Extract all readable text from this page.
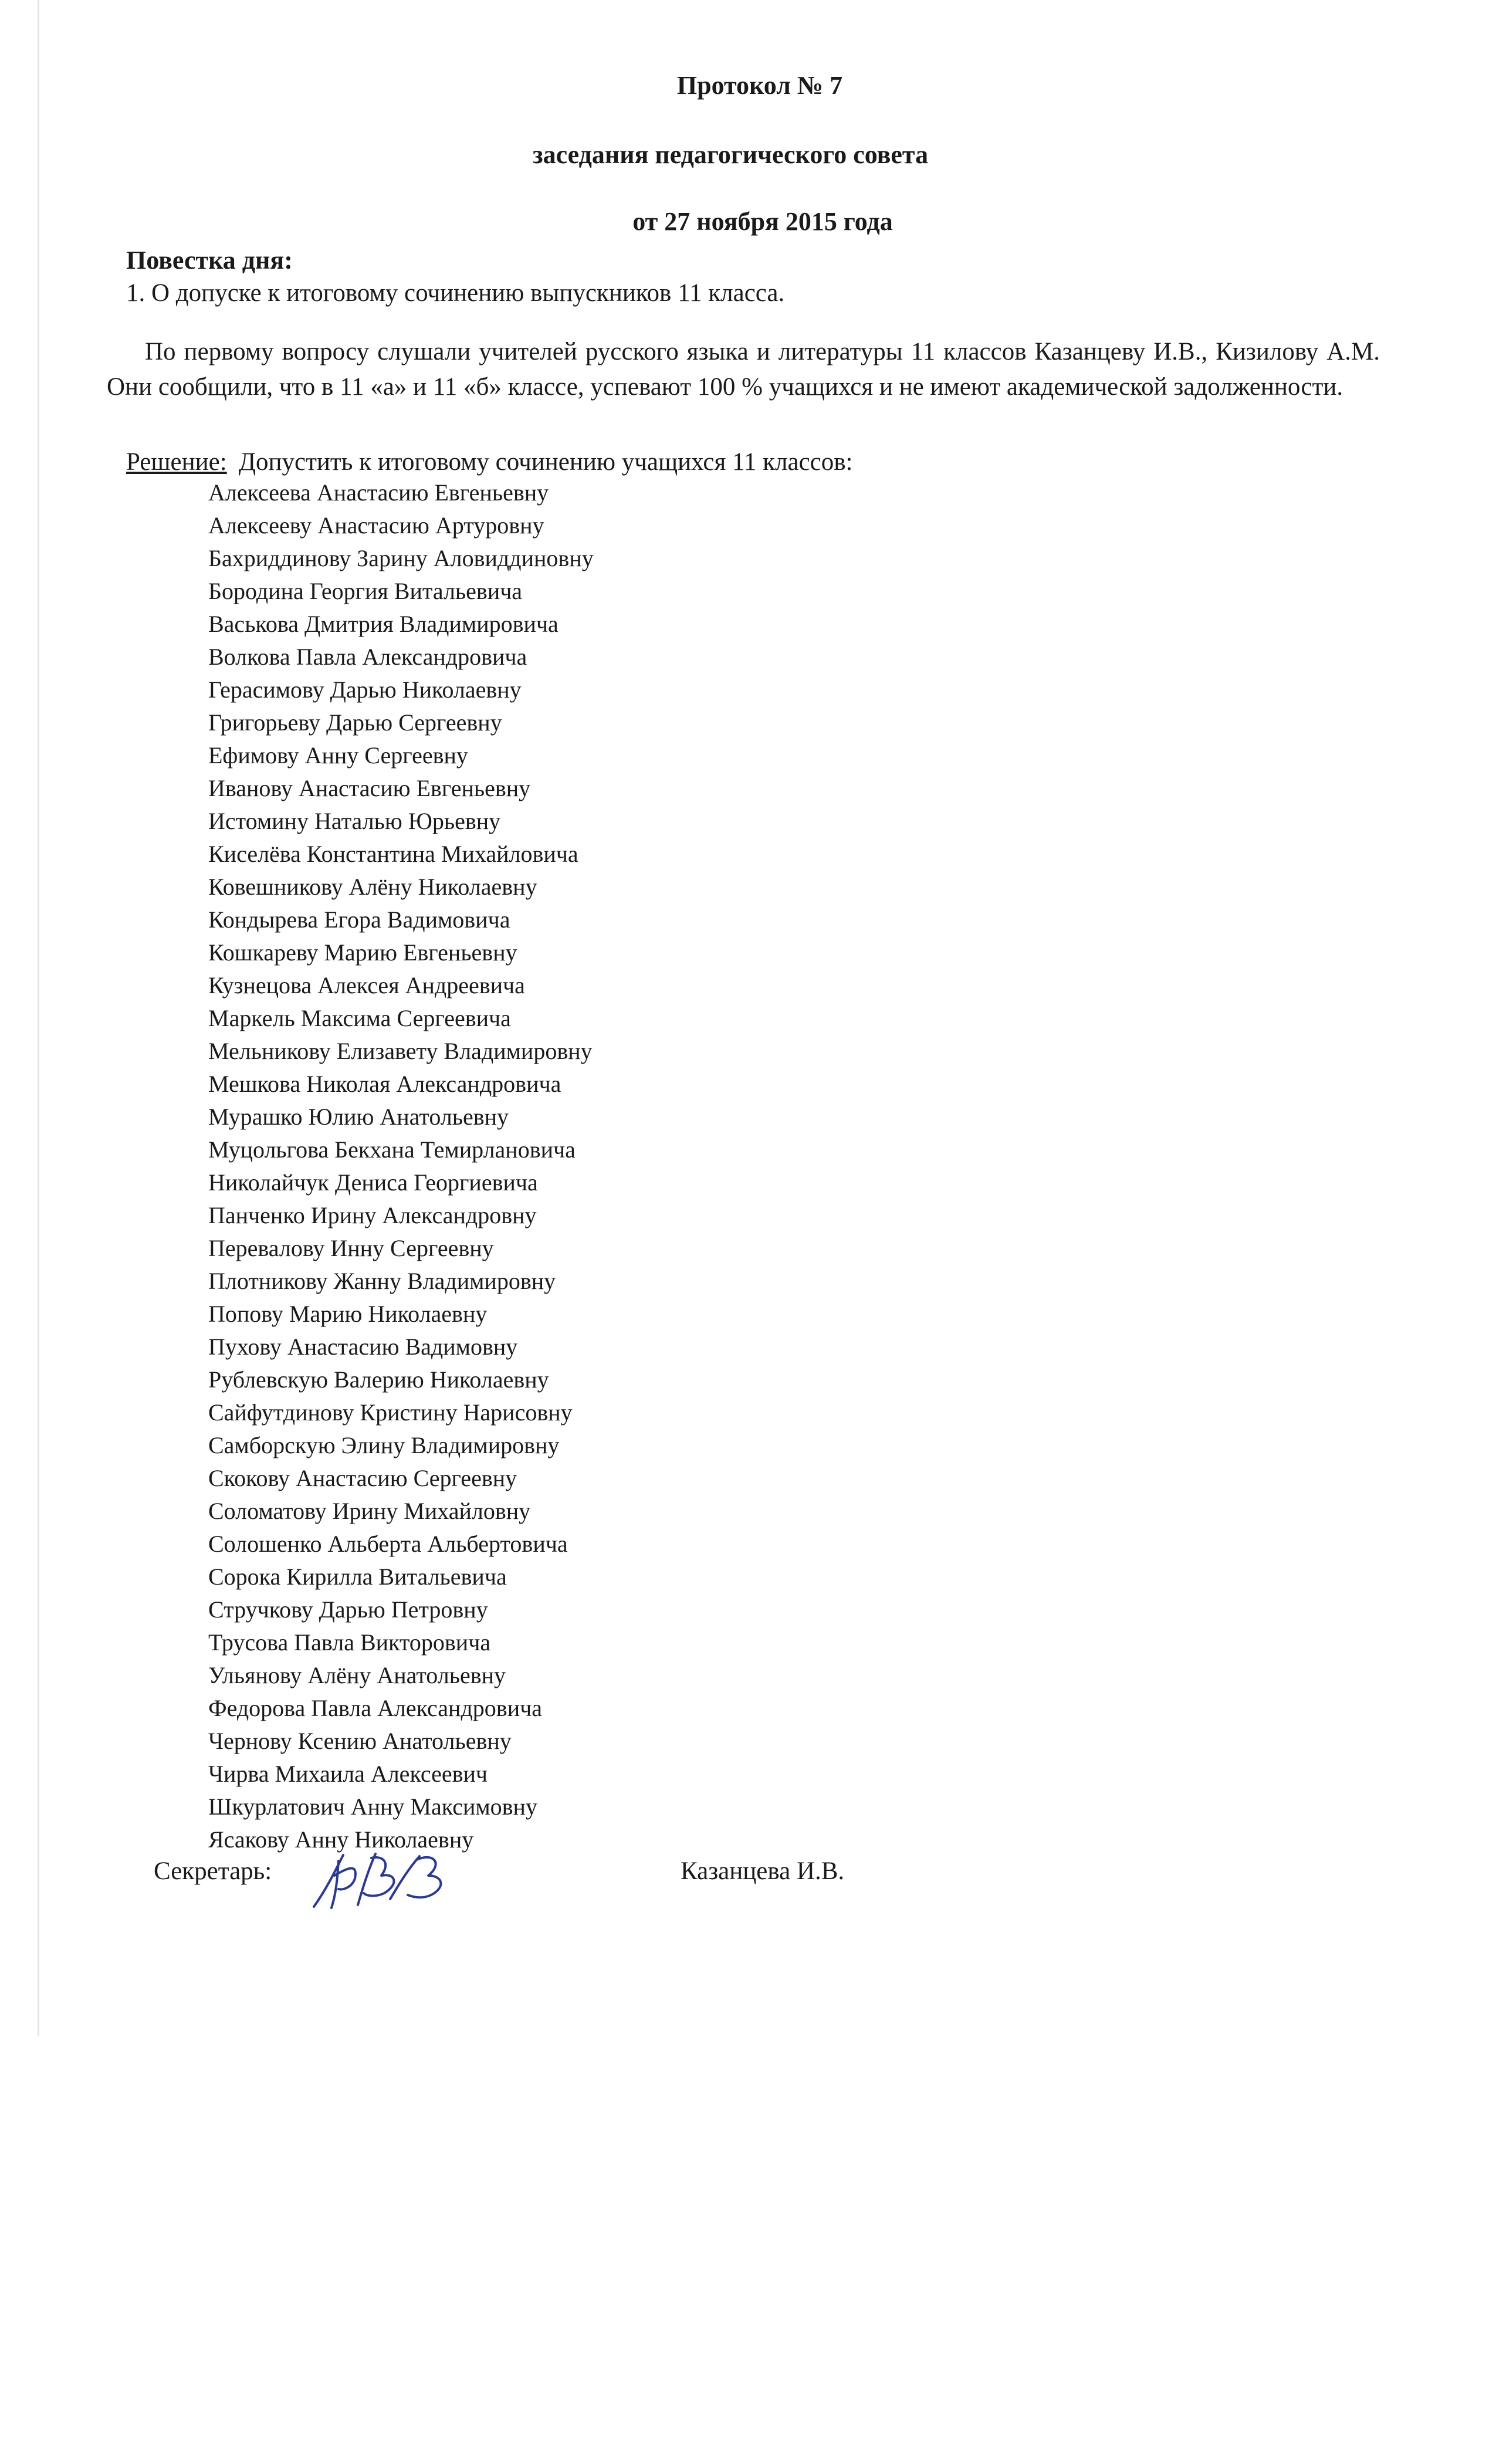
Протокол № 7
заседания педагогического совета
от 27 ноября 2015 года
Повестка дня:
1. О допуске к итоговому сочинению выпускников 11 класса.
По первому вопросу слушали учителей русского языка и литературы 11 классов Казанцеву И.В., Кизилову А.М. Они сообщили, что в 11 «а» и 11 «б» классе, успевают 100 % учащихся и не имеют академической задолженности.
Решение: Допустить к итоговому сочинению учащихся 11 классов:
Алексеева Анастасию Евгеньевну
Алексееву Анастасию Артуровну
Бахриддинову Зарину Аловиддиновну
Бородина Георгия Витальевича
Васькова Дмитрия Владимировича
Волкова Павла Александровича
Герасимову Дарью Николаевну
Григорьеву Дарью Сергеевну
Ефимову Анну Сергеевну
Иванову Анастасию Евгеньевну
Истомину Наталью Юрьевну
Киселёва Константина Михайловича
Ковешникову Алёну Николаевну
Кондырева Егора Вадимовича
Кошкареву Марию Евгеньевну
Кузнецова Алексея Андреевича
Маркель Максима Сергеевича
Мельникову Елизавету Владимировну
Мешкова Николая Александровича
Мурашко Юлию Анатольевну
Муцольгова Бекхана Темирлановича
Николайчук Дениса Георгиевича
Панченко Ирину Александровну
Перевалову Инну Сергеевну
Плотникову Жанну Владимировну
Попову Марию Николаевну
Пухову Анастасию Вадимовну
Рублевскую Валерию Николаевну
Сайфутдинову Кристину Нарисовну
Самборскую Элину Владимировну
Скокову Анастасию Сергеевну
Соломатову Ирину Михайловну
Солошенко Альберта Альбертовича
Сорока Кирилла Витальевича
Стручкову Дарью Петровну
Трусова Павла Викторовича
Ульянову Алёну Анатольевну
Федорова Павла Александровича
Чернову Ксению Анатольевну
Чирва Михаила Алексеевич
Шкурлатович Анну Максимовну
Ясакову Анну Николаевну
Секретарь:	Казанцева И.В.
